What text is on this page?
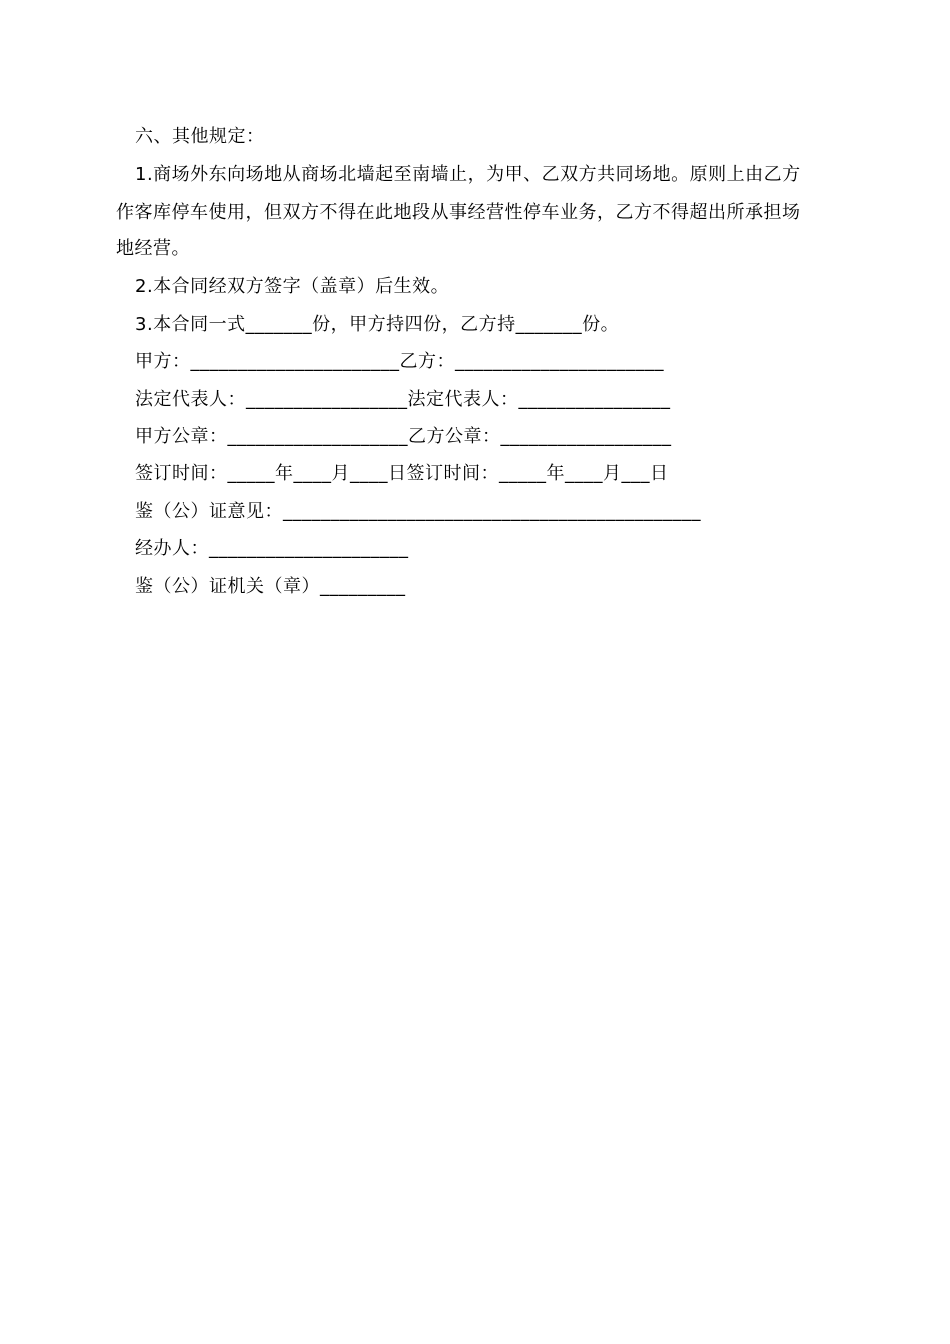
六、其他规定：
1.商场外东向场地从商场北墙起至南墙止，为甲、乙双方共同场地。原则上由乙方
作客库停车使用，但双方不得在此地段从事经营性停车业务，乙方不得超出所承担场
地经营。
2.本合同经双方签字（盖章）后生效。
3.本合同一式_______份，甲方持四份，乙方持_______份。
甲方：______________________乙方：______________________
法定代表人：_________________法定代表人：________________
甲方公章：___________________乙方公章：__________________
签订时间：_____年____月____日签订时间：_____年____月___日
鉴（公）证意见：____________________________________________
经办人：_____________________
鉴（公）证机关（章）_________
